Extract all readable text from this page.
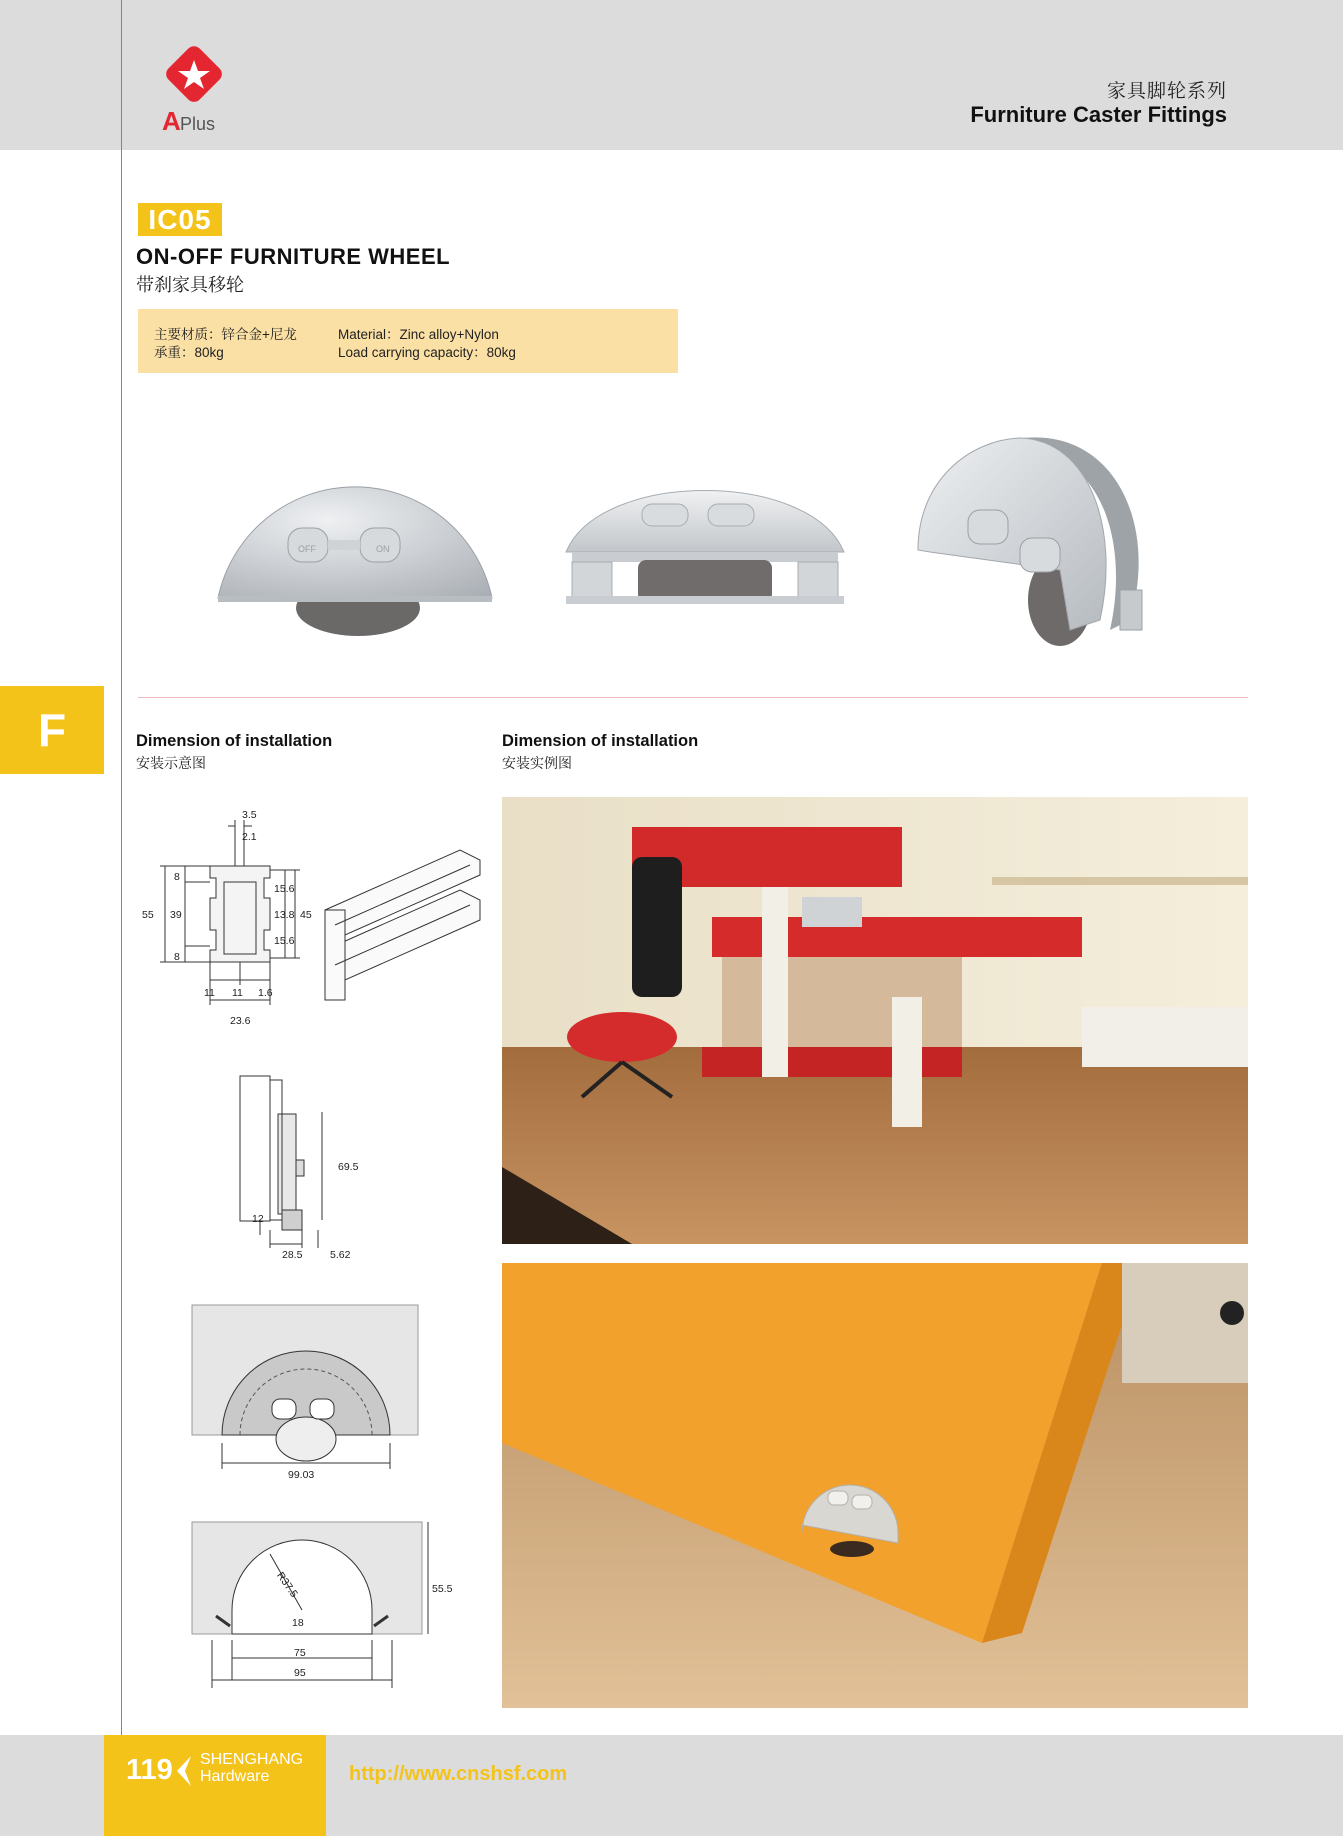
A Plus
家具脚轮系列
Furniture Caster Fittings
IC05
ON-OFF FURNITURE WHEEL
带刹家具移轮
主要材质：锌合金+尼龙
承重：80kg
Material：Zinc alloy+Nylon
Load carrying capacity：80kg
OFF	ON
F	Dimension of installation
安装示意图
Dimension of installation
安装实例图
3.5
2.1
8
55 39
8
15.6
13.8
15.6
45
11 11 1.6
23.6
69.5
12
28.5	5.62
99.03
R37.5	55.5
18
75
95
119 SHENGHANG
Hardware	http://www.cnshsf.com
